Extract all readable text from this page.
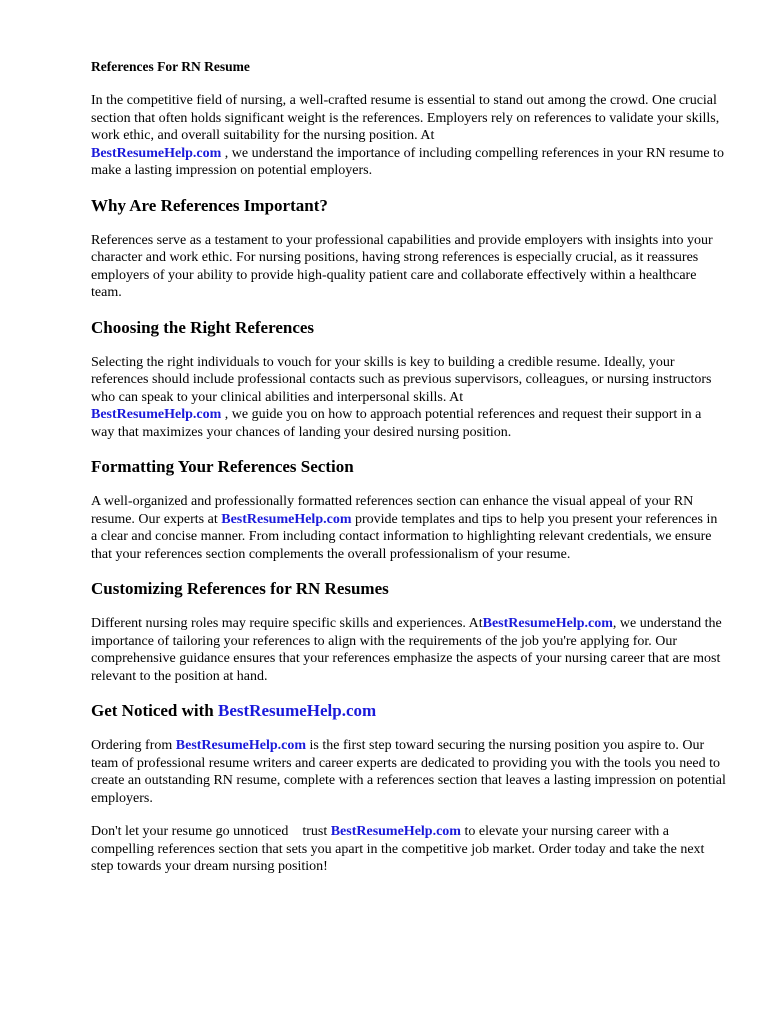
References For RN Resume

In the competitive field of nursing, a well-crafted resume is essential to stand out among the crowd. One crucial section that often holds significant weight is the references. Employers rely on references to validate your skills, work ethic, and overall suitability for the nursing position. At
BestResumeHelp.com , we understand the importance of including compelling references in your RN resume to make a lasting impression on potential employers.

Why Are References Important?

References serve as a testament to your professional capabilities and provide employers with insights into your character and work ethic. For nursing positions, having strong references is especially crucial, as it reassures employers of your ability to provide high-quality patient care and collaborate effectively within a healthcare team.

Choosing the Right References

Selecting the right individuals to vouch for your skills is key to building a credible resume. Ideally, your references should include professional contacts such as previous supervisors, colleagues, or nursing instructors who can speak to your clinical abilities and interpersonal skills. At
BestResumeHelp.com , we guide you on how to approach potential references and request their support in a way that maximizes your chances of landing your desired nursing position.

Formatting Your References Section

A well-organized and professionally formatted references section can enhance the visual appeal of your RN resume. Our experts at BestResumeHelp.com provide templates and tips to help you present your references in a clear and concise manner. From including contact information to highlighting relevant credentials, we ensure that your references section complements the overall professionalism of your resume.

Customizing References for RN Resumes

Different nursing roles may require specific skills and experiences. AtBestResumeHelp.com, we understand the importance of tailoring your references to align with the requirements of the job you're applying for. Our comprehensive guidance ensures that your references emphasize the aspects of your nursing career that are most relevant to the position at hand.

Get Noticed with BestResumeHelp.com

Ordering from BestResumeHelp.com is the first step toward securing the nursing position you aspire to. Our team of professional resume writers and career experts are dedicated to providing you with the tools you need to create an outstanding RN resume, complete with a references section that leaves a lasting impression on potential employers.

Don't let your resume go unnoticed    trust BestResumeHelp.com to elevate your nursing career with a compelling references section that sets you apart in the competitive job market. Order today and take the next step towards your dream nursing position!
